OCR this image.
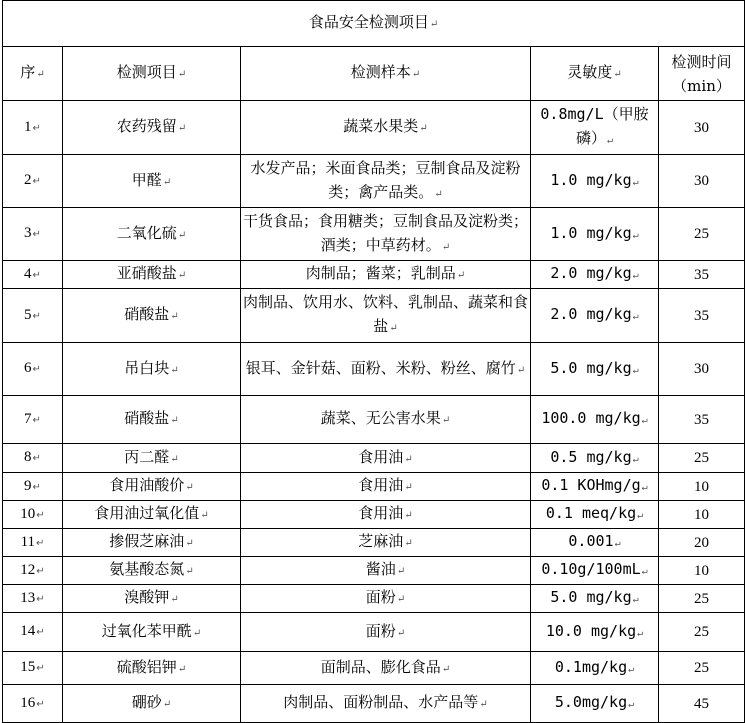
食品安全检测项目↵				
序↵	检测项目↵	检测样本↵	灵敏度↵	检测时间（min）
1↵	农药残留↵	蔬菜水果类↵	0.8mg/L（甲胺磷）↵	30
2↵	甲醛↵	水发产品；米面食品类；豆制食品及淀粉类；禽产品类。↵	1.0 mg/kg↵	30
3↵	二氧化硫↵	干货食品；食用糖类；豆制食品及淀粉类；酒类；中草药材。↵	1.0 mg/kg↵	25
4↵	亚硝酸盐↵	肉制品；酱菜；乳制品↵	2.0 mg/kg↵	35
5↵	硝酸盐↵	肉制品、饮用水、饮料、乳制品、蔬菜和食盐↵	2.0 mg/kg↵	35
6↵	吊白块↵	银耳、金针菇、面粉、米粉、粉丝、腐竹↵	5.0 mg/kg↵	30
7↵	硝酸盐↵	蔬菜、无公害水果↵	100.0 mg/kg↵	35
8↵	丙二醛↵	食用油↵	0.5 mg/kg↵	25
9↵	食用油酸价↵	食用油↵	0.1 KOHmg/g↵	10
10↵	食用油过氧化值↵	食用油↵	0.1 meq/kg↵	10
11↵	掺假芝麻油↵	芝麻油↵	0.001↵	20
12↵	氨基酸态氮↵	酱油↵	0.10g/100mL↵	10
13↵	溴酸钾↵	面粉↵	5.0 mg/kg↵	25
14↵	过氧化苯甲酰↵	面粉↵	10.0 mg/kg↵	25
15↵	硫酸铝钾↵	面制品、膨化食品↵	0.1mg/kg↵	25
16↵	硼砂↵	肉制品、面粉制品、水产品等↵	5.0mg/kg↵	45
